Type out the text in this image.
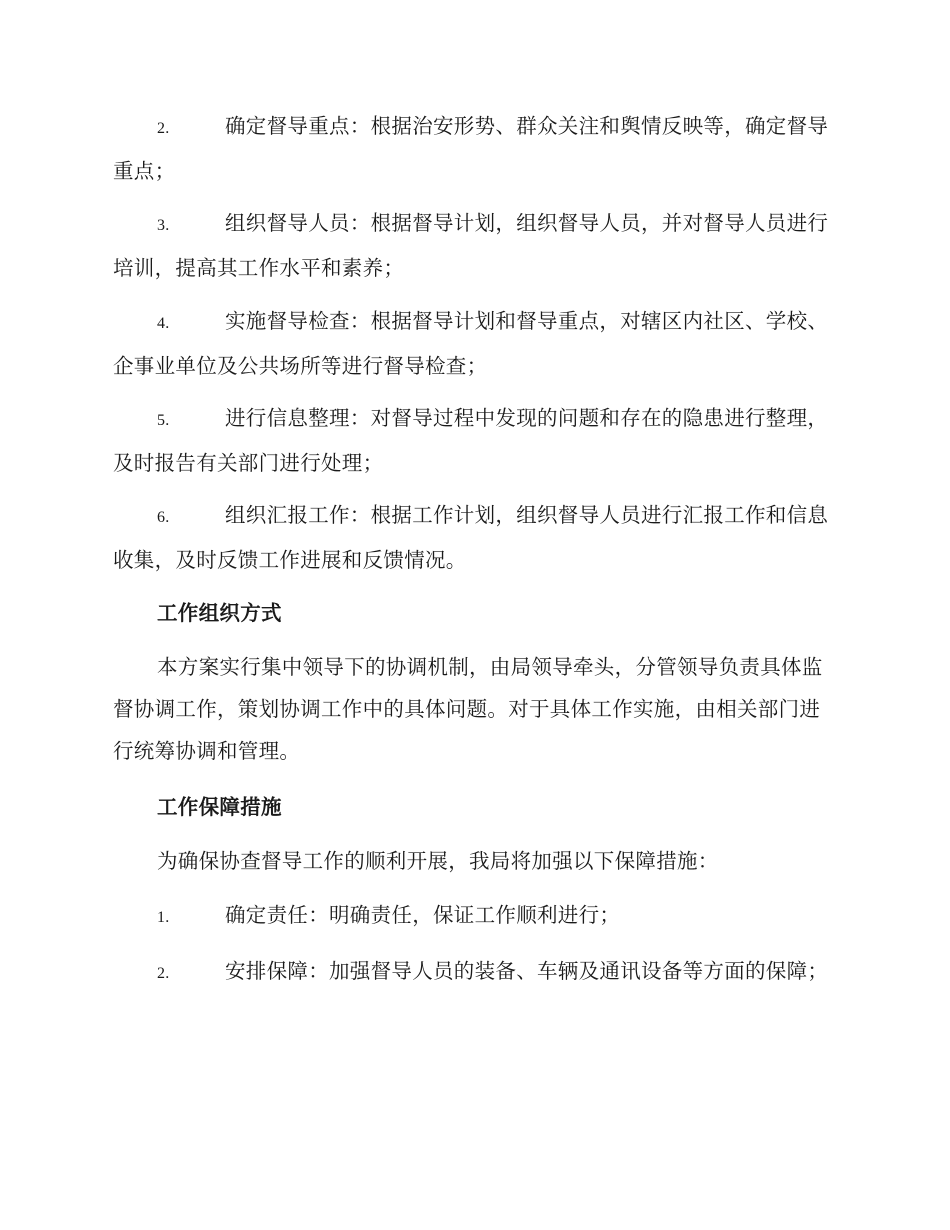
2.	确定督导重点：根据治安形势、群众关注和舆情反映等，确定督导重点；

3.	组织督导人员：根据督导计划，组织督导人员，并对督导人员进行培训，提高其工作水平和素养；

4.	实施督导检查：根据督导计划和督导重点，对辖区内社区、学校、企事业单位及公共场所等进行督导检查；

5.	进行信息整理：对督导过程中发现的问题和存在的隐患进行整理，及时报告有关部门进行处理；

6.	组织汇报工作：根据工作计划，组织督导人员进行汇报工作和信息收集，及时反馈工作进展和反馈情况。

工作组织方式

本方案实行集中领导下的协调机制，由局领导牵头，分管领导负责具体监督协调工作，策划协调工作中的具体问题。对于具体工作实施，由相关部门进行统筹协调和管理。

工作保障措施

为确保协查督导工作的顺利开展，我局将加强以下保障措施：

1.	确定责任：明确责任，保证工作顺利进行；

2.	安排保障：加强督导人员的装备、车辆及通讯设备等方面的保障；
